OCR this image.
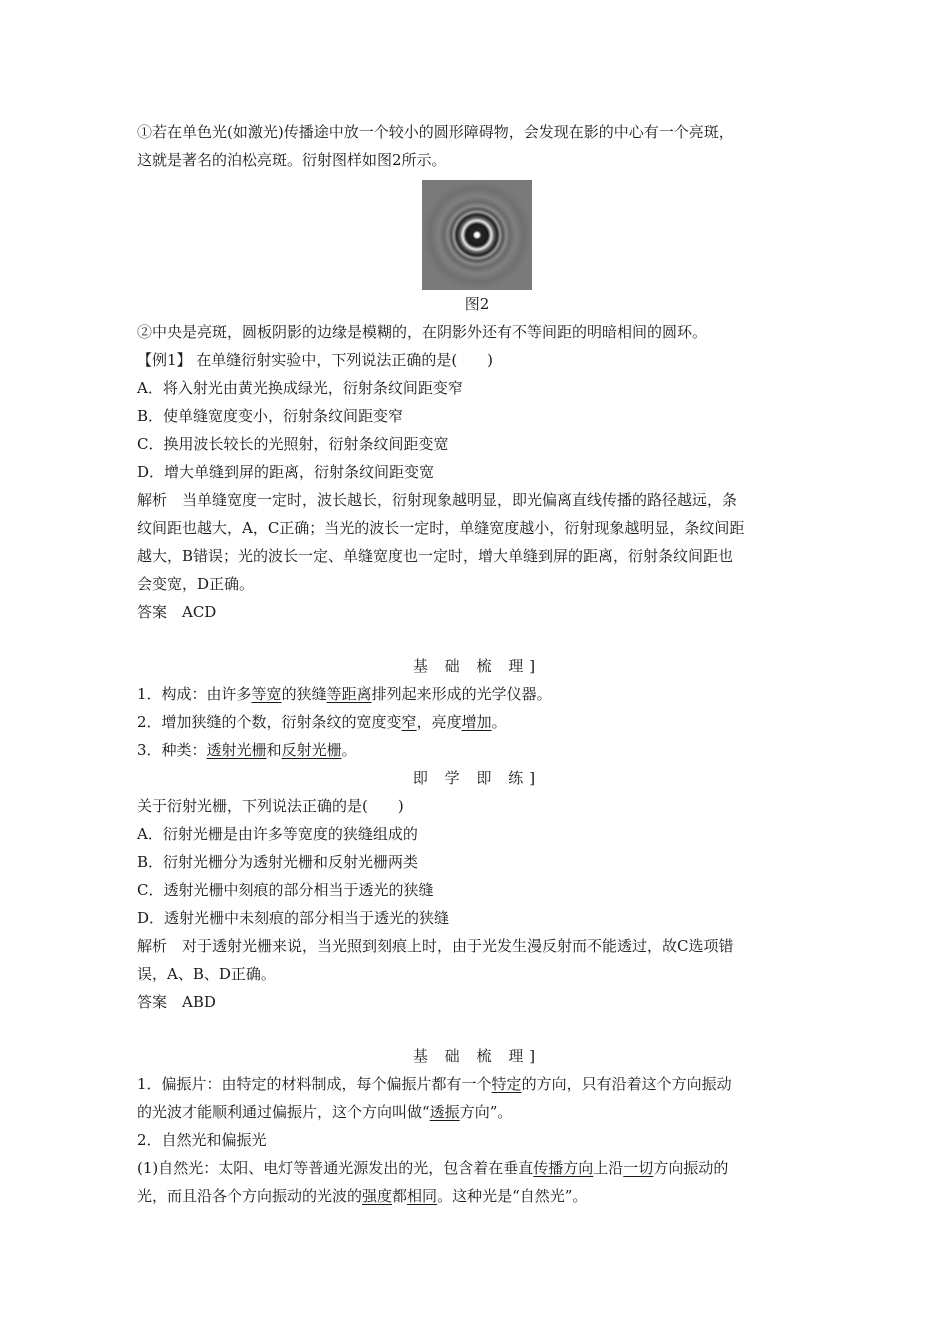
①若在单色光(如激光)传播途中放一个较小的圆形障碍物，会发现在影的中心有一个亮斑，
这就是著名的泊松亮斑。衍射图样如图2所示。
图2
②中央是亮斑，圆板阴影的边缘是模糊的，在阴影外还有不等间距的明暗相间的圆环。
【例1】 在单缝衍射实验中，下列说法正确的是(　　)
A．将入射光由黄光换成绿光，衍射条纹间距变窄
B．使单缝宽度变小，衍射条纹间距变窄
C．换用波长较长的光照射，衍射条纹间距变宽
D．增大单缝到屏的距离，衍射条纹间距变宽
解析　当单缝宽度一定时，波长越长，衍射现象越明显，即光偏离直线传播的路径越远，条
纹间距也越大，A，C正确；当光的波长一定时，单缝宽度越小，衍射现象越明显，条纹间距
越大，B错误；光的波长一定、单缝宽度也一定时，增大单缝到屏的距离，衍射条纹间距也
会变宽，D正确。
答案　ACD
基 础 梳 理]
1．构成：由许多等宽的狭缝等距离排列起来形成的光学仪器。
2．增加狭缝的个数，衍射条纹的宽度变窄，亮度增加。
3．种类：透射光栅和反射光栅。
即 学 即 练]
关于衍射光栅，下列说法正确的是(　　)
A．衍射光栅是由许多等宽度的狭缝组成的
B．衍射光栅分为透射光栅和反射光栅两类
C．透射光栅中刻痕的部分相当于透光的狭缝
D．透射光栅中未刻痕的部分相当于透光的狭缝
解析　对于透射光栅来说，当光照到刻痕上时，由于光发生漫反射而不能透过，故C选项错
误，A、B、D正确。
答案　ABD
基 础 梳 理]
1．偏振片：由特定的材料制成，每个偏振片都有一个特定的方向，只有沿着这个方向振动
的光波才能顺利通过偏振片，这个方向叫做“透振方向”。
2．自然光和偏振光
(1)自然光：太阳、电灯等普通光源发出的光，包含着在垂直传播方向上沿一切方向振动的
光，而且沿各个方向振动的光波的强度都相同。这种光是“自然光”。
